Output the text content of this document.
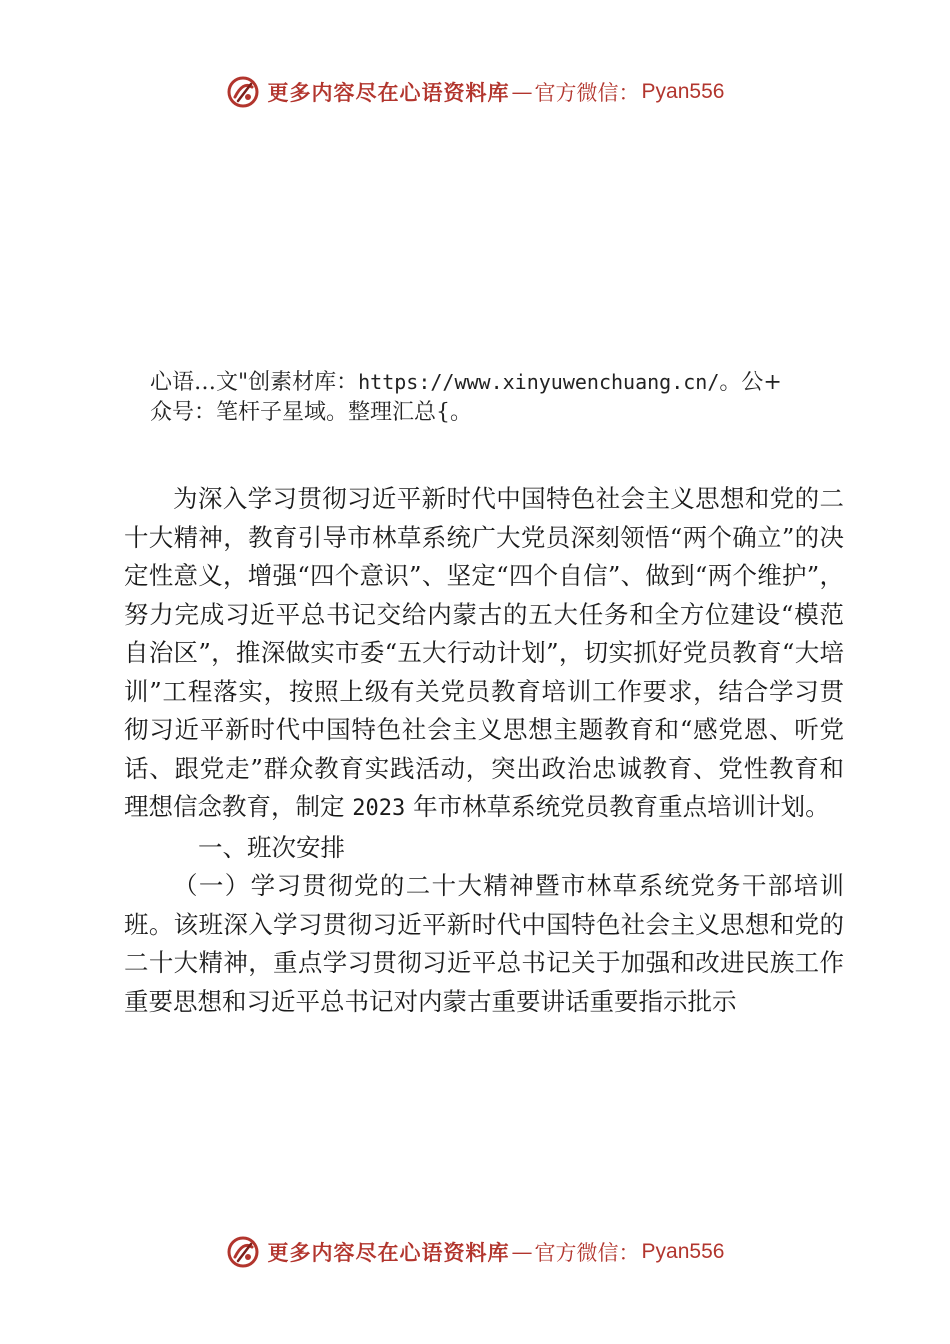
更多内容尽在心语资料库 — 官方微信： Pyan556
心语…文"创素材库：https://www.xinyuwenchuang.cn/。公+
众号：笔杆子星域。整理汇总{。

为深入学习贯彻习近平新时代中国特色社会主义思想和党的二十大精神，教育引导市林草系统广大党员深刻领悟“两个确立”的决定性意义，增强“四个意识”、坚定“四个自信”、做到“两个维护”，努力完成习近平总书记交给内蒙古的五大任务和全方位建设“模范自治区”，推深做实市委“五大行动计划”，切实抓好党员教育“大培训”工程落实，按照上级有关党员教育培训工作要求，结合学习贯彻习近平新时代中国特色社会主义思想主题教育和“感党恩、听党话、跟党走”群众教育实践活动，突出政治忠诚教育、党性教育和理想信念教育，制定 2023 年市林草系统党员教育重点培训计划。

一、班次安排

（一）学习贯彻党的二十大精神暨市林草系统党务干部培训班。该班深入学习贯彻习近平新时代中国特色社会主义思想和党的二十大精神，重点学习贯彻习近平总书记关于加强和改进民族工作重要思想和习近平总书记对内蒙古重要讲话重要指示批示

更多内容尽在心语资料库 — 官方微信： Pyan556
